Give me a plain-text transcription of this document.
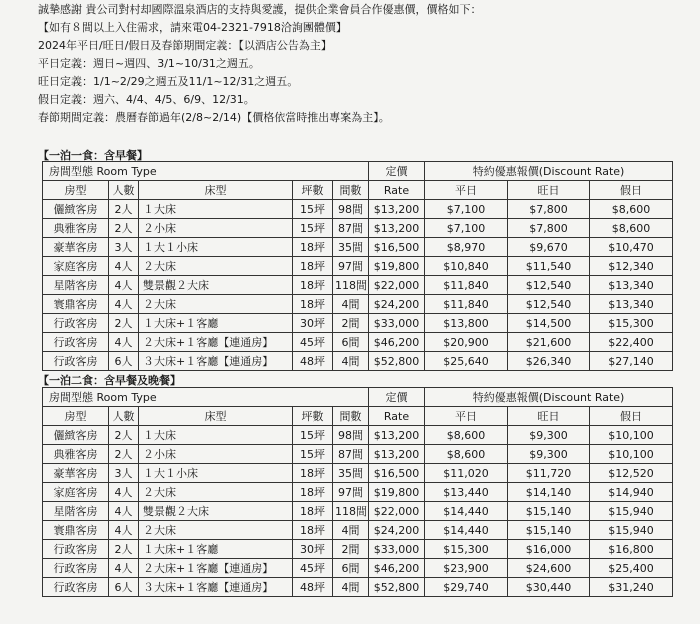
誠摯感謝 貴公司對村却國際溫泉酒店的支持與愛護，提供企業會員合作優惠價，價格如下：
【如有８間以上入住需求，請來電04-2321-7918洽詢團體價】
2024年平日/旺日/假日及春節期間定義：【以酒店公告為主】
平日定義：週日~週四、3/1~10/31之週五。
旺日定義：1/1~2/29之週五及11/1~12/31之週五。
假日定義：週六、4/4、4/5、6/9、12/31。
春節期間定義：農曆春節過年(2/8~2/14)【價格依當時推出專案為主】。
【一泊一食：含早餐】
房間型態 Room Type					定價	特約優惠報價(Discount Rate)		
房型	人數	床型	坪數	間數	Rate	平日	旺日	假日
儷緻客房	2人	１大床	15坪	98間	$13,200	$7,100	$7,800	$8,600
典雅客房	2人	２小床	15坪	87間	$13,200	$7,100	$7,800	$8,600
豪華客房	3人	１大１小床	18坪	35間	$16,500	$8,970	$9,670	$10,470
家庭客房	4人	２大床	18坪	97間	$19,800	$10,840	$11,540	$12,340
星階客房	4人	雙景觀２大床	18坪	118間	$22,000	$11,840	$12,540	$13,340
寰鼎客房	4人	２大床	18坪	4間	$24,200	$11,840	$12,540	$13,340
行政客房	2人	１大床+１客廳	30坪	2間	$33,000	$13,800	$14,500	$15,300
行政客房	4人	２大床+１客廳【連通房】	45坪	6間	$46,200	$20,900	$21,600	$22,400
行政客房	6人	３大床+１客廳【連通房】	48坪	4間	$52,800	$25,640	$26,340	$27,140
【一泊二食：含早餐及晚餐】
房間型態 Room Type					定價	特約優惠報價(Discount Rate)		
房型	人數	床型	坪數	間數	Rate	平日	旺日	假日
儷緻客房	2人	１大床	15坪	98間	$13,200	$8,600	$9,300	$10,100
典雅客房	2人	２小床	15坪	87間	$13,200	$8,600	$9,300	$10,100
豪華客房	3人	１大１小床	18坪	35間	$16,500	$11,020	$11,720	$12,520
家庭客房	4人	２大床	18坪	97間	$19,800	$13,440	$14,140	$14,940
星階客房	4人	雙景觀２大床	18坪	118間	$22,000	$14,440	$15,140	$15,940
寰鼎客房	4人	２大床	18坪	4間	$24,200	$14,440	$15,140	$15,940
行政客房	2人	１大床+１客廳	30坪	2間	$33,000	$15,300	$16,000	$16,800
行政客房	4人	２大床+１客廳【連通房】	45坪	6間	$46,200	$23,900	$24,600	$25,400
行政客房	6人	３大床+１客廳【連通房】	48坪	4間	$52,800	$29,740	$30,440	$31,240
